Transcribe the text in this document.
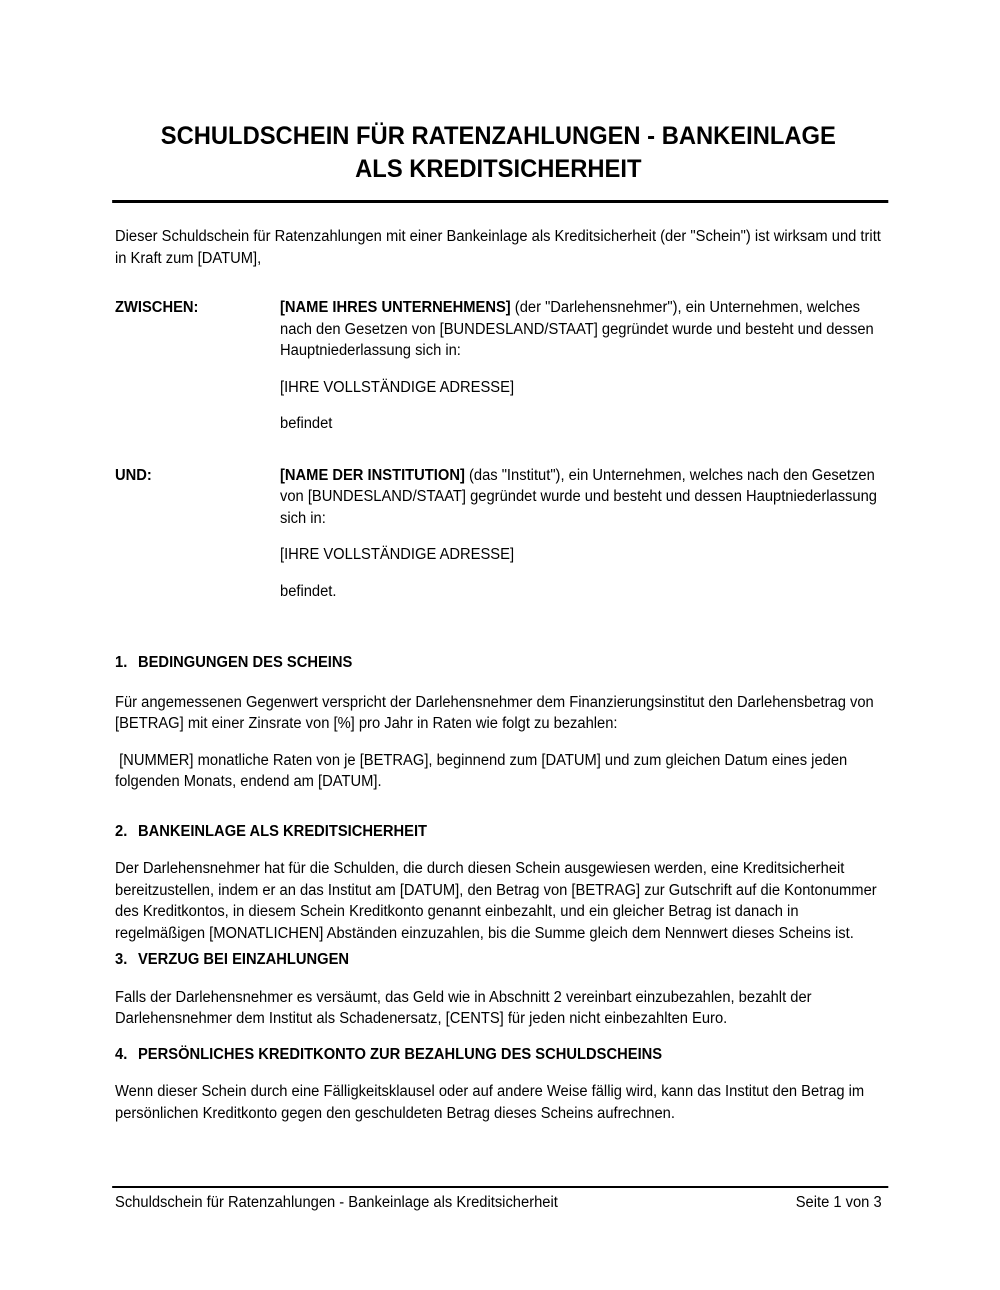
SCHULDSCHEIN FÜR RATENZAHLUNGEN - BANKEINLAGE
ALS KREDITSICHERHEIT

Dieser Schuldschein für Ratenzahlungen mit einer Bankeinlage als Kreditsicherheit (der "Schein") ist wirksam und tritt in Kraft zum [DATUM],

ZWISCHEN:	[NAME IHRES UNTERNEHMENS] (der "Darlehensnehmer"), ein Unternehmen, welches nach den Gesetzen von [BUNDESLAND/STAAT] gegründet wurde und besteht und dessen Hauptniederlassung sich in:

[IHRE VOLLSTÄNDIGE ADRESSE]

befindet

UND:	[NAME DER INSTITUTION] (das "Institut"), ein Unternehmen, welches nach den Gesetzen von [BUNDESLAND/STAAT] gegründet wurde und besteht und dessen Hauptniederlassung sich in:

[IHRE VOLLSTÄNDIGE ADRESSE]

befindet.

1. BEDINGUNGEN DES SCHEINS

Für angemessenen Gegenwert verspricht der Darlehensnehmer dem Finanzierungsinstitut den Darlehensbetrag von [BETRAG] mit einer Zinsrate von [%] pro Jahr in Raten wie folgt zu bezahlen:

[NUMMER] monatliche Raten von je [BETRAG], beginnend zum [DATUM] und zum gleichen Datum eines jeden folgenden Monats, endend am [DATUM].

2. BANKEINLAGE ALS KREDITSICHERHEIT

Der Darlehensnehmer hat für die Schulden, die durch diesen Schein ausgewiesen werden, eine Kreditsicherheit bereitzustellen, indem er an das Institut am [DATUM], den Betrag von [BETRAG] zur Gutschrift auf die Kontonummer des Kreditkontos, in diesem Schein Kreditkonto genannt einbezahlt, und ein gleicher Betrag ist danach in regelmäßigen [MONATLICHEN] Abständen einzuzahlen, bis die Summe gleich dem Nennwert dieses Scheins ist.

3. VERZUG BEI EINZAHLUNGEN

Falls der Darlehensnehmer es versäumt, das Geld wie in Abschnitt 2 vereinbart einzubezahlen, bezahlt der Darlehensnehmer dem Institut als Schadenersatz, [CENTS] für jeden nicht einbezahlten Euro.

4. PERSÖNLICHES KREDITKONTO ZUR BEZAHLUNG DES SCHULDSCHEINS

Wenn dieser Schein durch eine Fälligkeitsklausel oder auf andere Weise fällig wird, kann das Institut den Betrag im persönlichen Kreditkonto gegen den geschuldeten Betrag dieses Scheins aufrechnen.

Schuldschein für Ratenzahlungen - Bankeinlage als Kreditsicherheit	Seite 1 von 3
